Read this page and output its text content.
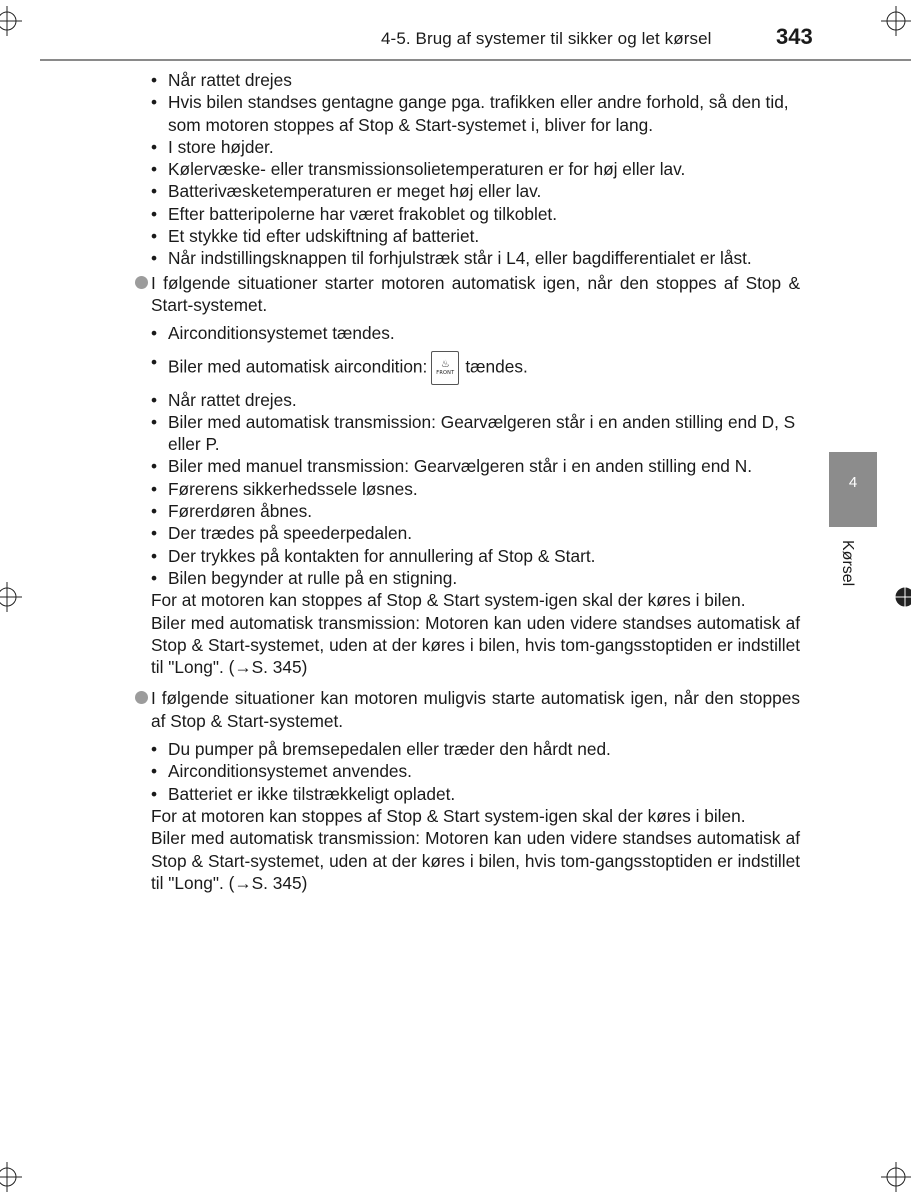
4-5. Brug af systemer til sikker og let kørsel	343
4
Kørsel
• Når rattet drejes
• Hvis bilen standses gentagne gange pga. trafikken eller andre forhold, så den tid, som motoren stoppes af Stop & Start-systemet i, bliver for lang.
• I store højder.
• Kølervæske- eller transmissionsolietemperaturen er for høj eller lav.
• Batterivæsketemperaturen er meget høj eller lav.
• Efter batteripolerne har været frakoblet og tilkoblet.
• Et stykke tid efter udskiftning af batteriet.
• Når indstillingsknappen til forhjulstræk står i L4, eller bagdifferentialet er låst.
I følgende situationer starter motoren automatisk igen, når den stoppes af Stop & Start-systemet.
• Airconditionsystemet tændes.
• Biler med automatisk aircondition: ♨
FRONT tændes.
• Når rattet drejes.
• Biler med automatisk transmission: Gearvælgeren står i en anden stilling end D, S eller P.
• Biler med manuel transmission: Gearvælgeren står i en anden stilling end N.
• Førerens sikkerhedssele løsnes.
• Førerdøren åbnes.
• Der trædes på speederpedalen.
• Der trykkes på kontakten for annullering af Stop & Start.
• Bilen begynder at rulle på en stigning.
For at motoren kan stoppes af Stop & Start system-igen skal der køres i bilen.
Biler med automatisk transmission: Motoren kan uden videre standses automatisk af Stop & Start-systemet, uden at der køres i bilen, hvis tom-gangsstoptiden er indstillet til "Long". (→S. 345)
I følgende situationer kan motoren muligvis starte automatisk igen, når den stoppes af Stop & Start-systemet.
• Du pumper på bremsepedalen eller træder den hårdt ned.
• Airconditionsystemet anvendes.
• Batteriet er ikke tilstrækkeligt opladet.
For at motoren kan stoppes af Stop & Start system-igen skal der køres i bilen.
Biler med automatisk transmission: Motoren kan uden videre standses automatisk af Stop & Start-systemet, uden at der køres i bilen, hvis tom-gangsstoptiden er indstillet til "Long". (→S. 345)
